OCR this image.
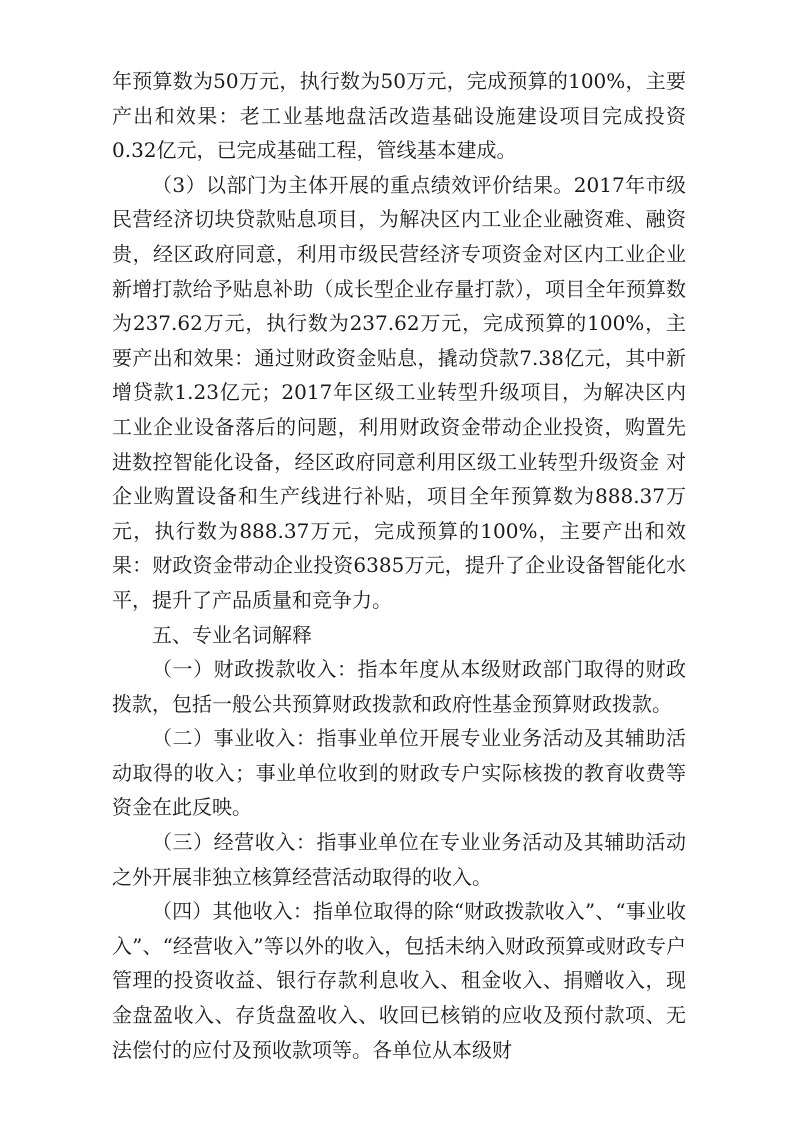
年预算数为50万元，执行数为50万元，完成预算的100%，主要产出和效果：老工业基地盘活改造基础设施建设项目完成投资0.32亿元，已完成基础工程，管线基本建成。

（3）以部门为主体开展的重点绩效评价结果。2017年市级民营经济切块贷款贴息项目，为解决区内工业企业融资难、融资贵，经区政府同意，利用市级民营经济专项资金对区内工业企业新增打款给予贴息补助（成长型企业存量打款），项目全年预算数为237.62万元，执行数为237.62万元，完成预算的100%，主要产出和效果：通过财政资金贴息，撬动贷款7.38亿元，其中新增贷款1.23亿元；2017年区级工业转型升级项目，为解决区内工业企业设备落后的问题，利用财政资金带动企业投资，购置先进数控智能化设备，经区政府同意利用区级工业转型升级资金 对企业购置设备和生产线进行补贴，项目全年预算数为888.37万元，执行数为888.37万元，完成预算的100%，主要产出和效果：财政资金带动企业投资6385万元，提升了企业设备智能化水平，提升了产品质量和竞争力。

五、专业名词解释

（一）财政拨款收入：指本年度从本级财政部门取得的财政拨款，包括一般公共预算财政拨款和政府性基金预算财政拨款。

（二）事业收入：指事业单位开展专业业务活动及其辅助活动取得的收入；事业单位收到的财政专户实际核拨的教育收费等资金在此反映。

（三）经营收入：指事业单位在专业业务活动及其辅助活动之外开展非独立核算经营活动取得的收入。

（四）其他收入：指单位取得的除“财政拨款收入”、“事业收入”、“经营收入”等以外的收入，包括未纳入财政预算或财政专户管理的投资收益、银行存款利息收入、租金收入、捐赠收入，现金盘盈收入、存货盘盈收入、收回已核销的应收及预付款项、无法偿付的应付及预收款项等。各单位从本级财
